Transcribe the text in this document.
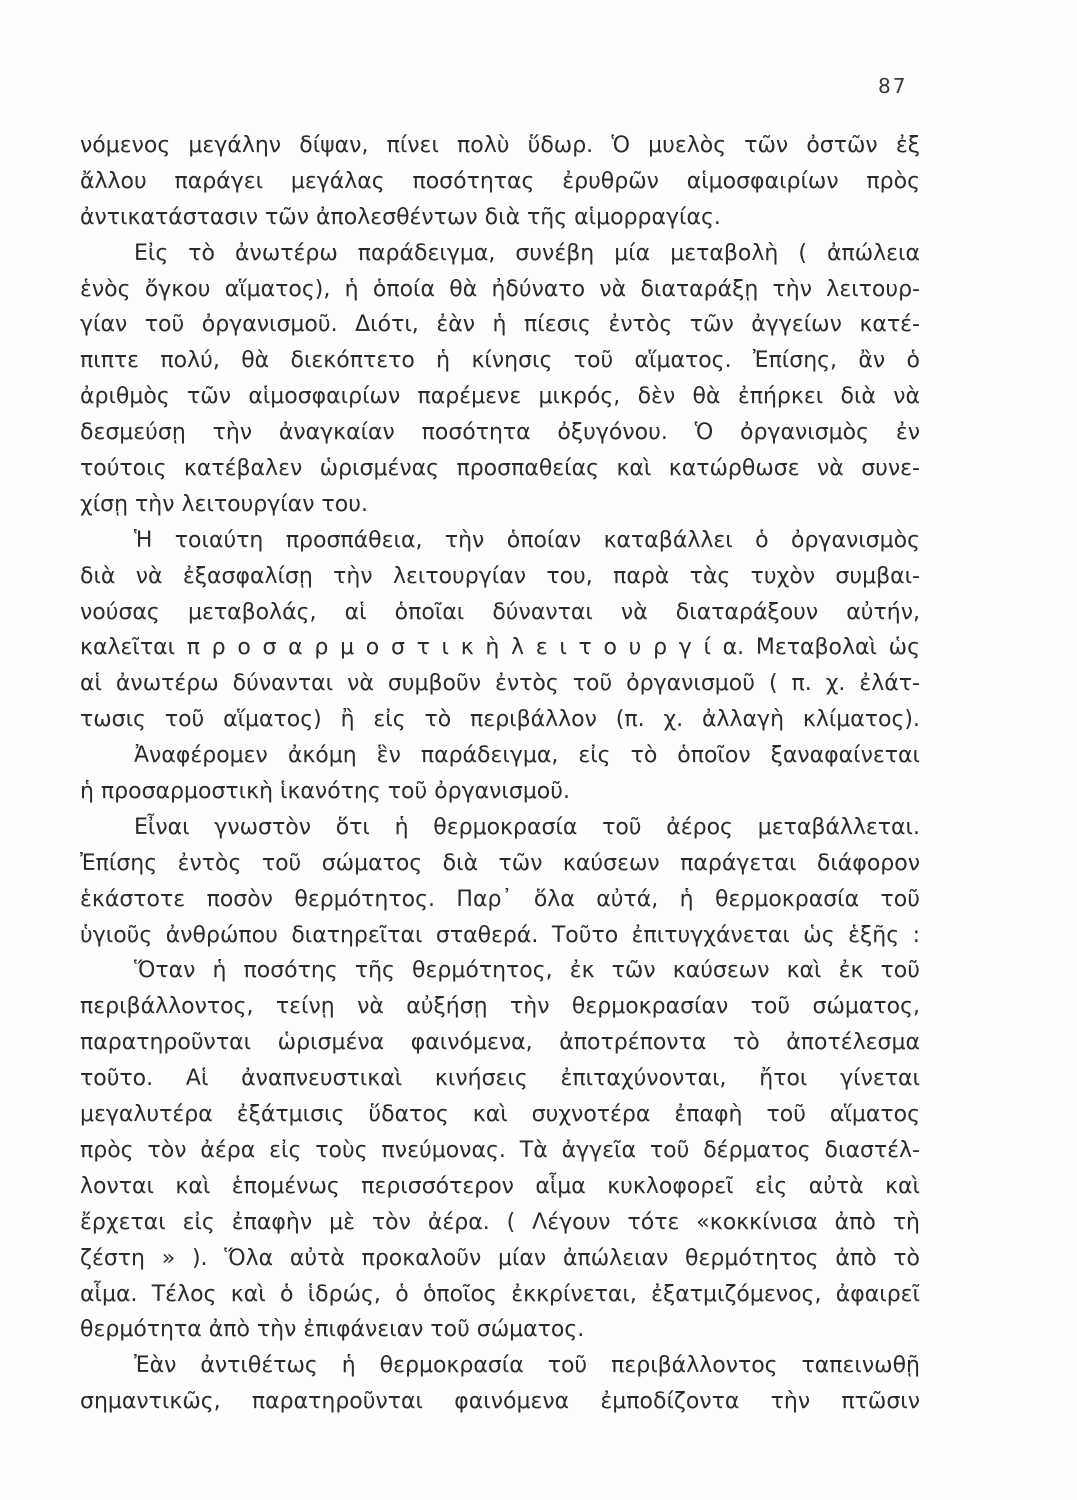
87
νόμενος μεγάλην δίψαν, πίνει πολὺ ὕδωρ. Ὁ μυελὸς τῶν ὀστῶν ἐξ
ἄλλου παράγει μεγάλας ποσότητας ἐρυθρῶν αἱμοσφαιρίων πρὸς
ἀντικατάστασιν τῶν ἀπολεσθέντων διὰ τῆς αἱμορραγίας.
Εἰς τὸ ἀνωτέρω παράδειγμα, συνέβη μία μεταβολὴ ( ἀπώλεια
ἑνὸς ὄγκου αἵματος), ἡ ὁποία θὰ ἠδύνατο νὰ διαταράξῃ τὴν λειτουρ-
γίαν τοῦ ὀργανισμοῦ. Διότι, ἐὰν ἡ πίεσις ἐντὸς τῶν ἀγγείων κατέ-
πιπτε πολύ, θὰ διεκόπτετο ἡ κίνησις τοῦ αἵματος. Ἐπίσης, ἂν ὁ
ἀριθμὸς τῶν αἱμοσφαιρίων παρέμενε μικρός, δὲν θὰ ἐπήρκει διὰ νὰ
δεσμεύσῃ τὴν ἀναγκαίαν ποσότητα ὀξυγόνου. Ὁ ὀργανισμὸς ἐν
τούτοις κατέβαλεν ὡρισμένας προσπαθείας καὶ κατώρθωσε νὰ συνε-
χίσῃ τὴν λειτουργίαν του.
Ἡ τοιαύτη προσπάθεια, τὴν ὁποίαν καταβάλλει ὁ ὀργανισμὸς
διὰ νὰ ἐξασφαλίσῃ τὴν λειτουργίαν του, παρὰ τὰς τυχὸν συμβαι-
νούσας μεταβολάς, αἱ ὁποῖαι δύνανται νὰ διαταράξουν αὐτήν,
καλεῖται π ρ ο σ α ρ μ ο σ τ ι κ ὴ λ ε ι τ ο υ ρ γ ί α. Μεταβολαὶ ὡς
αἱ ἀνωτέρω δύνανται νὰ συμβοῦν ἐντὸς τοῦ ὀργανισμοῦ ( π. χ. ἐλάτ-
τωσις τοῦ αἵματος) ἢ εἰς τὸ περιβάλλον (π. χ. ἀλλαγὴ κλίματος).
Ἀναφέρομεν ἀκόμη ἓν παράδειγμα, εἰς τὸ ὁποῖον ξαναφαίνεται
ἡ προσαρμοστικὴ ἱκανότης τοῦ ὀργανισμοῦ.
Εἶναι γνωστὸν ὅτι ἡ θερμοκρασία τοῦ ἀέρος μεταβάλλεται.
Ἐπίσης ἐντὸς τοῦ σώματος διὰ τῶν καύσεων παράγεται διάφορον
ἑκάστοτε ποσὸν θερμότητος. Παρ᾽ ὅλα αὐτά, ἡ θερμοκρασία τοῦ
ὑγιοῦς ἀνθρώπου διατηρεῖται σταθερά. Τοῦτο ἐπιτυγχάνεται ὡς ἑξῆς :
Ὅταν ἡ ποσότης τῆς θερμότητος, ἐκ τῶν καύσεων καὶ ἐκ τοῦ
περιβάλλοντος, τείνῃ νὰ αὐξήσῃ τὴν θερμοκρασίαν τοῦ σώματος,
παρατηροῦνται ὡρισμένα φαινόμενα, ἀποτρέποντα τὸ ἀποτέλεσμα
τοῦτο. Αἱ ἀναπνευστικαὶ κινήσεις ἐπιταχύνονται, ἤτοι γίνεται
μεγαλυτέρα ἐξάτμισις ὕδατος καὶ συχνοτέρα ἐπαφὴ τοῦ αἵματος
πρὸς τὸν ἀέρα εἰς τοὺς πνεύμονας. Τὰ ἀγγεῖα τοῦ δέρματος διαστέλ-
λονται καὶ ἑπομένως περισσότερον αἷμα κυκλοφορεῖ εἰς αὐτὰ καὶ
ἔρχεται εἰς ἐπαφὴν μὲ τὸν ἀέρα. ( Λέγουν τότε «κοκκίνισα ἀπὸ τὴ
ζέστη » ). Ὅλα αὐτὰ προκαλοῦν μίαν ἀπώλειαν θερμότητος ἀπὸ τὸ
αἷμα. Τέλος καὶ ὁ ἱδρώς, ὁ ὁποῖος ἐκκρίνεται, ἐξατμιζόμενος, ἀφαιρεῖ
θερμότητα ἀπὸ τὴν ἐπιφάνειαν τοῦ σώματος.
Ἐὰν ἀντιθέτως ἡ θερμοκρασία τοῦ περιβάλλοντος ταπεινωθῇ
σημαντικῶς, παρατηροῦνται φαινόμενα ἐμποδίζοντα τὴν πτῶσιν
